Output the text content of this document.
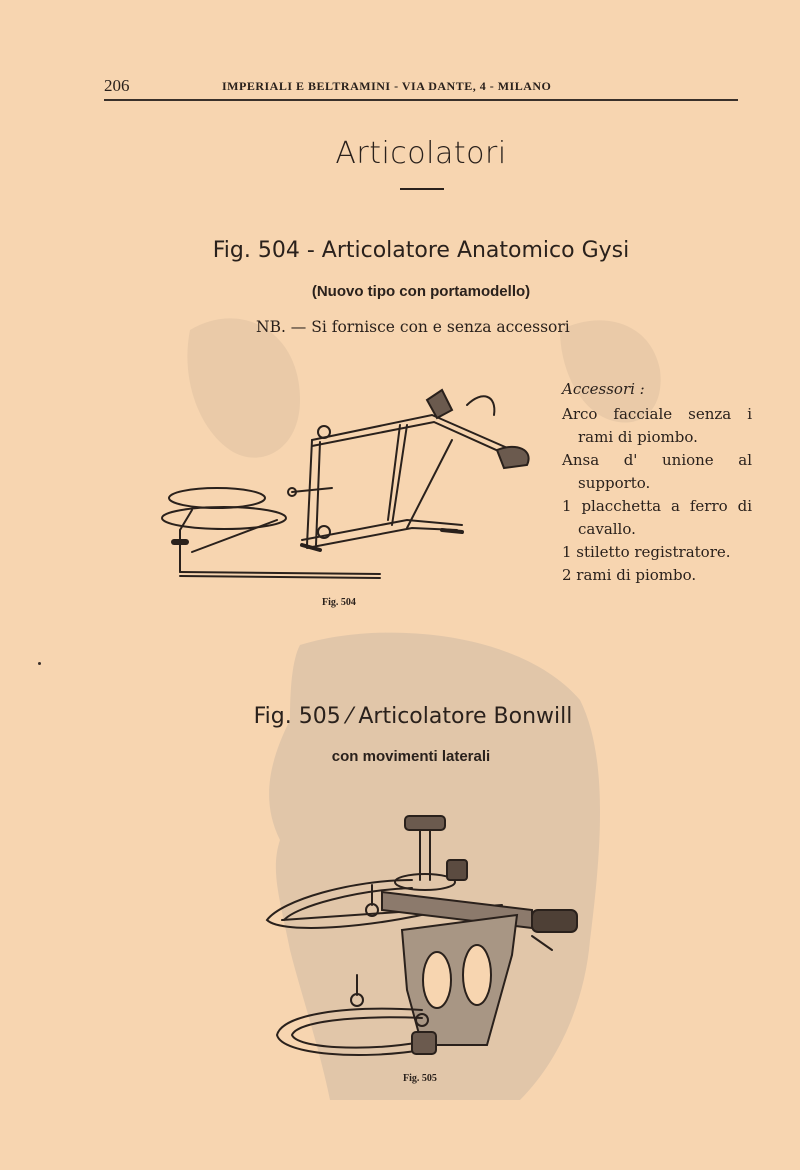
206	IMPERIALI E BELTRAMINI - VIA DANTE, 4 - MILANO
Articolatori
Fig. 504 - Articolatore Anatomico Gysi
(Nuovo tipo con portamodello)
NB. — Si fornisce con e senza accessori
Accessori :

Arco facciale senza i rami di piombo.

Ansa d' unione al supporto.

1 placchetta a ferro di cavallo.

1 stiletto registratore.

2 rami di piombo.

Fig. 504
Fig. 505 ⁄ Articolatore Bonwill
con movimenti laterali
Fig. 505
